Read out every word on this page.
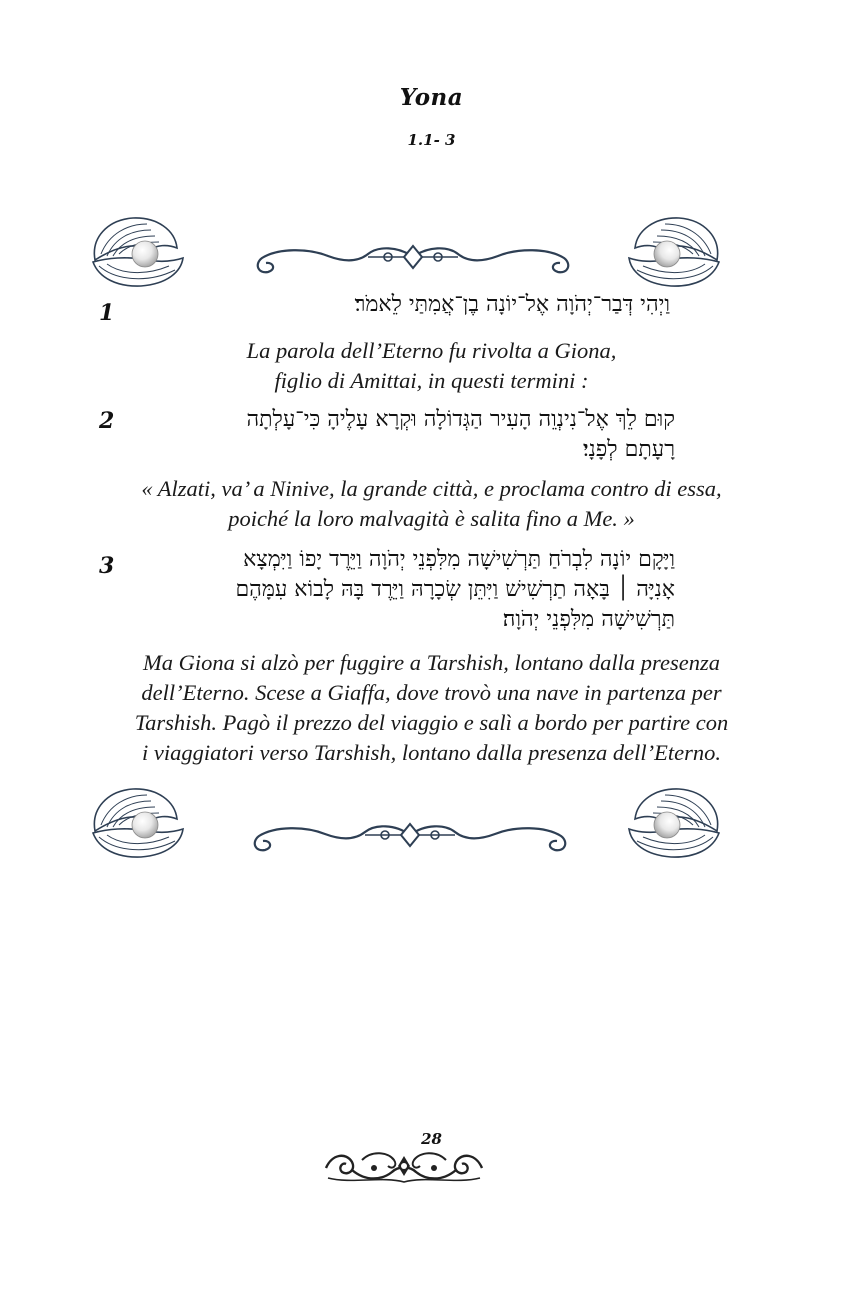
Yona
1.1- 3
1	וַיְהִי דְּבַר־יְהֹוָה אֶל־יוֹנָה בֶן־אֲמִתַּי לֵאמֹר׃
La parola dell’Eterno fu rivolta a Giona,
figlio di Amittai, in questi termini :
2	קוּם לֵךְ אֶל־נִינְוֵה הָעִיר הַגְּדוֹלָה וּקְרָא עָלֶיהָ כִּי־עָלְתָה
רָעָתָם לְפָנָי׃
« Alzati, va’ a Ninive, la grande città, e proclama contro di essa,
poiché la loro malvagità è salita fino a Me. »
3	וַיָּקָם יוֹנָה לִבְרֹחַ תַּרְשִׁישָׁה מִלִּפְנֵי יְהֹוָה וַיֵּרֶד יָפוֹ וַיִּמְצָא
אָנִיָּה ׀ בָּאָה תַרְשִׁישׁ וַיִּתֵּן שְׂכָרָהּ וַיֵּרֶד בָּהּ לָבוֹא עִמָּהֶם
תַּרְשִׁישָׁה מִלִּפְנֵי יְהֹוָה׃
Ma Giona si alzò per fuggire a Tarshish, lontano dalla presenza
dell’Eterno. Scese a Giaffa, dove trovò una nave in partenza per
Tarshish. Pagò il prezzo del viaggio e salì a bordo per partire con
i viaggiatori verso Tarshish, lontano dalla presenza dell’Eterno.
28
